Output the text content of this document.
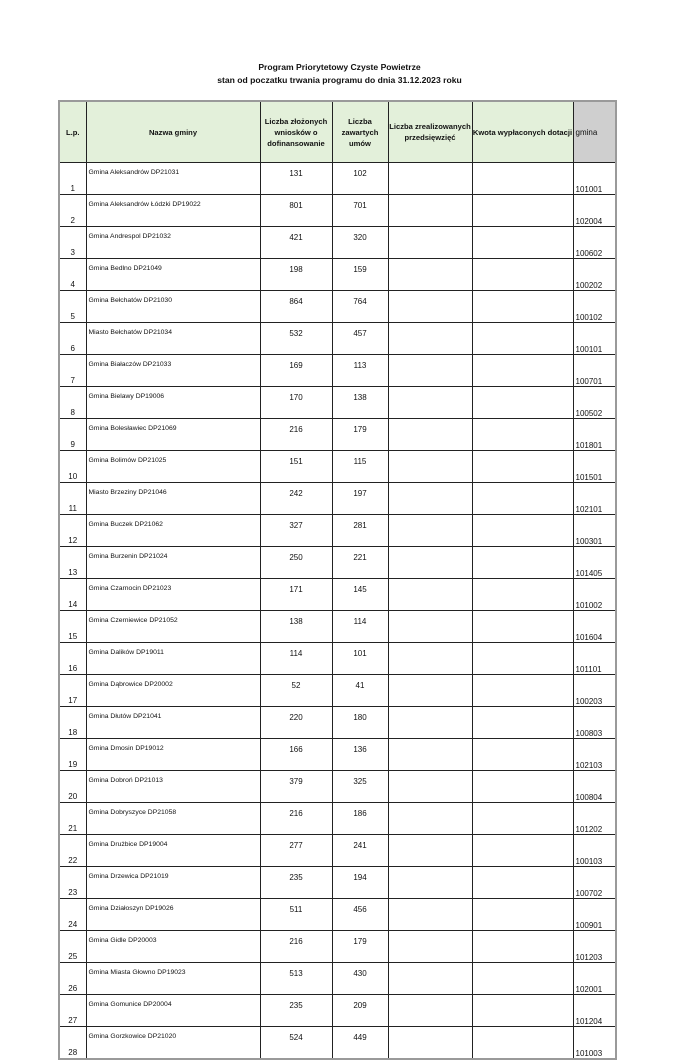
Program Priorytetowy Czyste Powietrze
stan od poczatku trwania programu do dnia 31.12.2023 roku
L.p.	Nazwa gminy	Liczba złożonych wniosków o dofinansowanie	Liczba zawartych umów	Liczba zrealizowanych przedsięwzięć	Kwota wypłaconych dotacji	gmina
1	Gmina Aleksandrów DP21031	131	102			101001
2	Gmina Aleksandrów Łódzki DP19022	801	701			102004
3	Gmina Andrespol DP21032	421	320			100602
4	Gmina Bedlno DP21049	198	159			100202
5	Gmina Bełchatów DP21030	864	764			100102
6	Miasto Bełchatów DP21034	532	457			100101
7	Gmina Białaczów DP21033	169	113			100701
8	Gmina Bielawy DP19006	170	138			100502
9	Gmina Bolesławiec DP21069	216	179			101801
10	Gmina Bolimów DP21025	151	115			101501
11	Miasto Brzeziny DP21046	242	197			102101
12	Gmina Buczek DP21062	327	281			100301
13	Gmina Burzenin DP21024	250	221			101405
14	Gmina Czarnocin DP21023	171	145			101002
15	Gmina Czerniewice DP21052	138	114			101604
16	Gmina Dalików DP19011	114	101			101101
17	Gmina Dąbrowice DP20002	52	41			100203
18	Gmina Dłutów DP21041	220	180			100803
19	Gmina Dmosin DP19012	166	136			102103
20	Gmina Dobroń DP21013	379	325			100804
21	Gmina Dobryszyce DP21058	216	186			101202
22	Gmina Drużbice DP19004	277	241			100103
23	Gmina Drzewica DP21019	235	194			100702
24	Gmina Działoszyn DP19026	511	456			100901
25	Gmina Gidle DP20003	216	179			101203
26	Gmina Miasta Głowno DP19023	513	430			102001
27	Gmina Gomunice DP20004	235	209			101204
28	Gmina Gorzkowice DP21020	524	449			101003
